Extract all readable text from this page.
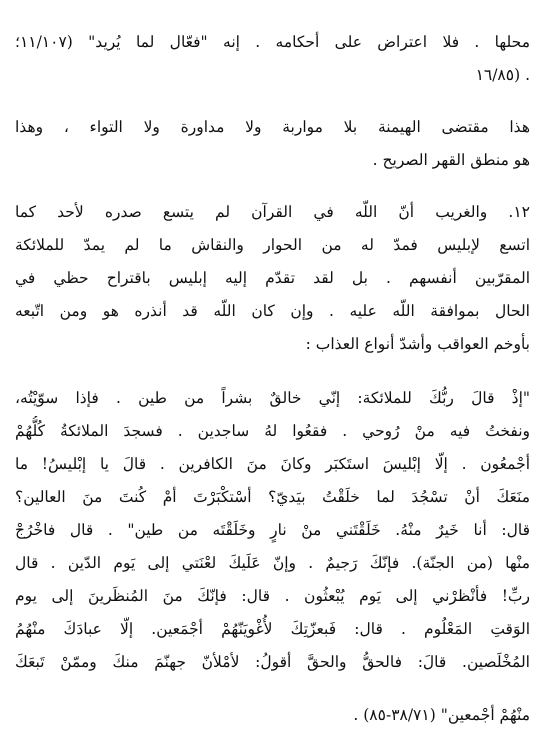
محلها . فلا اعتراض على أحكامه . إنه "فعّال لما يُريد" (١١/١٠٧؛
١٦/٨٥) .
هذا مقتضى الهيمنة بلا مواربة ولا مداورة ولا التواء ، وهذا
هو منطق القهر الصريح .
١٢. والغريب أنّ اللّه في القرآن لم يتسع صدره لأحد كما
اتسع لإبليس فمدّ له من الحوار والنقاش ما لم يمدّ للملائكة
المقرّبين أنفسهم . بل لقد تقدّم إليه إبليس باقتراح حظي في
الحال بموافقة اللّه عليه . وإن كان اللّه قد أنذره هو ومن اتّبعه
بأوخم العواقب وأشدّ أنواع العذاب :
"إذْ قالَ ربُّكَ للملائكة: إنّي خالقٌ بشراً من طين . فإذا سوّيْتُه،
ونفختُ فيه منْ رُوحي . فقعُوا لهُ ساجدين . فسجدَ الملائكةُ كُلُّهُمْ
أجْمعُون . إلّا إبْليسَ استَكبَر وكانَ منَ الكافرين . قالَ يا إبْليسُ! ما
منَعَكَ أنْ تسْجُدَ لما خلَقْتُ بيَديّ؟ أسْتكْبَرْتَ أمْ كُنتَ منَ العالين؟
قال: أنا خَيرٌ منْهُ. خَلَقْتَني منْ نارٍ وخَلَقْتَه من طين" . قال فاخْرُجْ
منْها (من الجنّة). فإنّكَ رَجيمٌ . وإنّ عَلَيكَ لعْنَتي إلى يَوم الدّين . قال
ربِّ! فأنْظرْني إلى يَوم يُبْعثُون . قال: فإنّكَ منَ المُنظَرينَ إلى يوم
الوَقتِ المَعْلُوم . قال: فَبعزّتِكَ لأُغْويَنّهُمْ أجْمَعين. إلّا عبادَكَ منْهُمُ
المُخْلَصين. قالَ: فالحقُّ والحقَّ أقولُ: لأمْلأنّ جهنّمَ منكَ وممّنْ تَبعَكَ
منْهُمْ أجْمعين" (٣٨/٧١-٨٥) .
